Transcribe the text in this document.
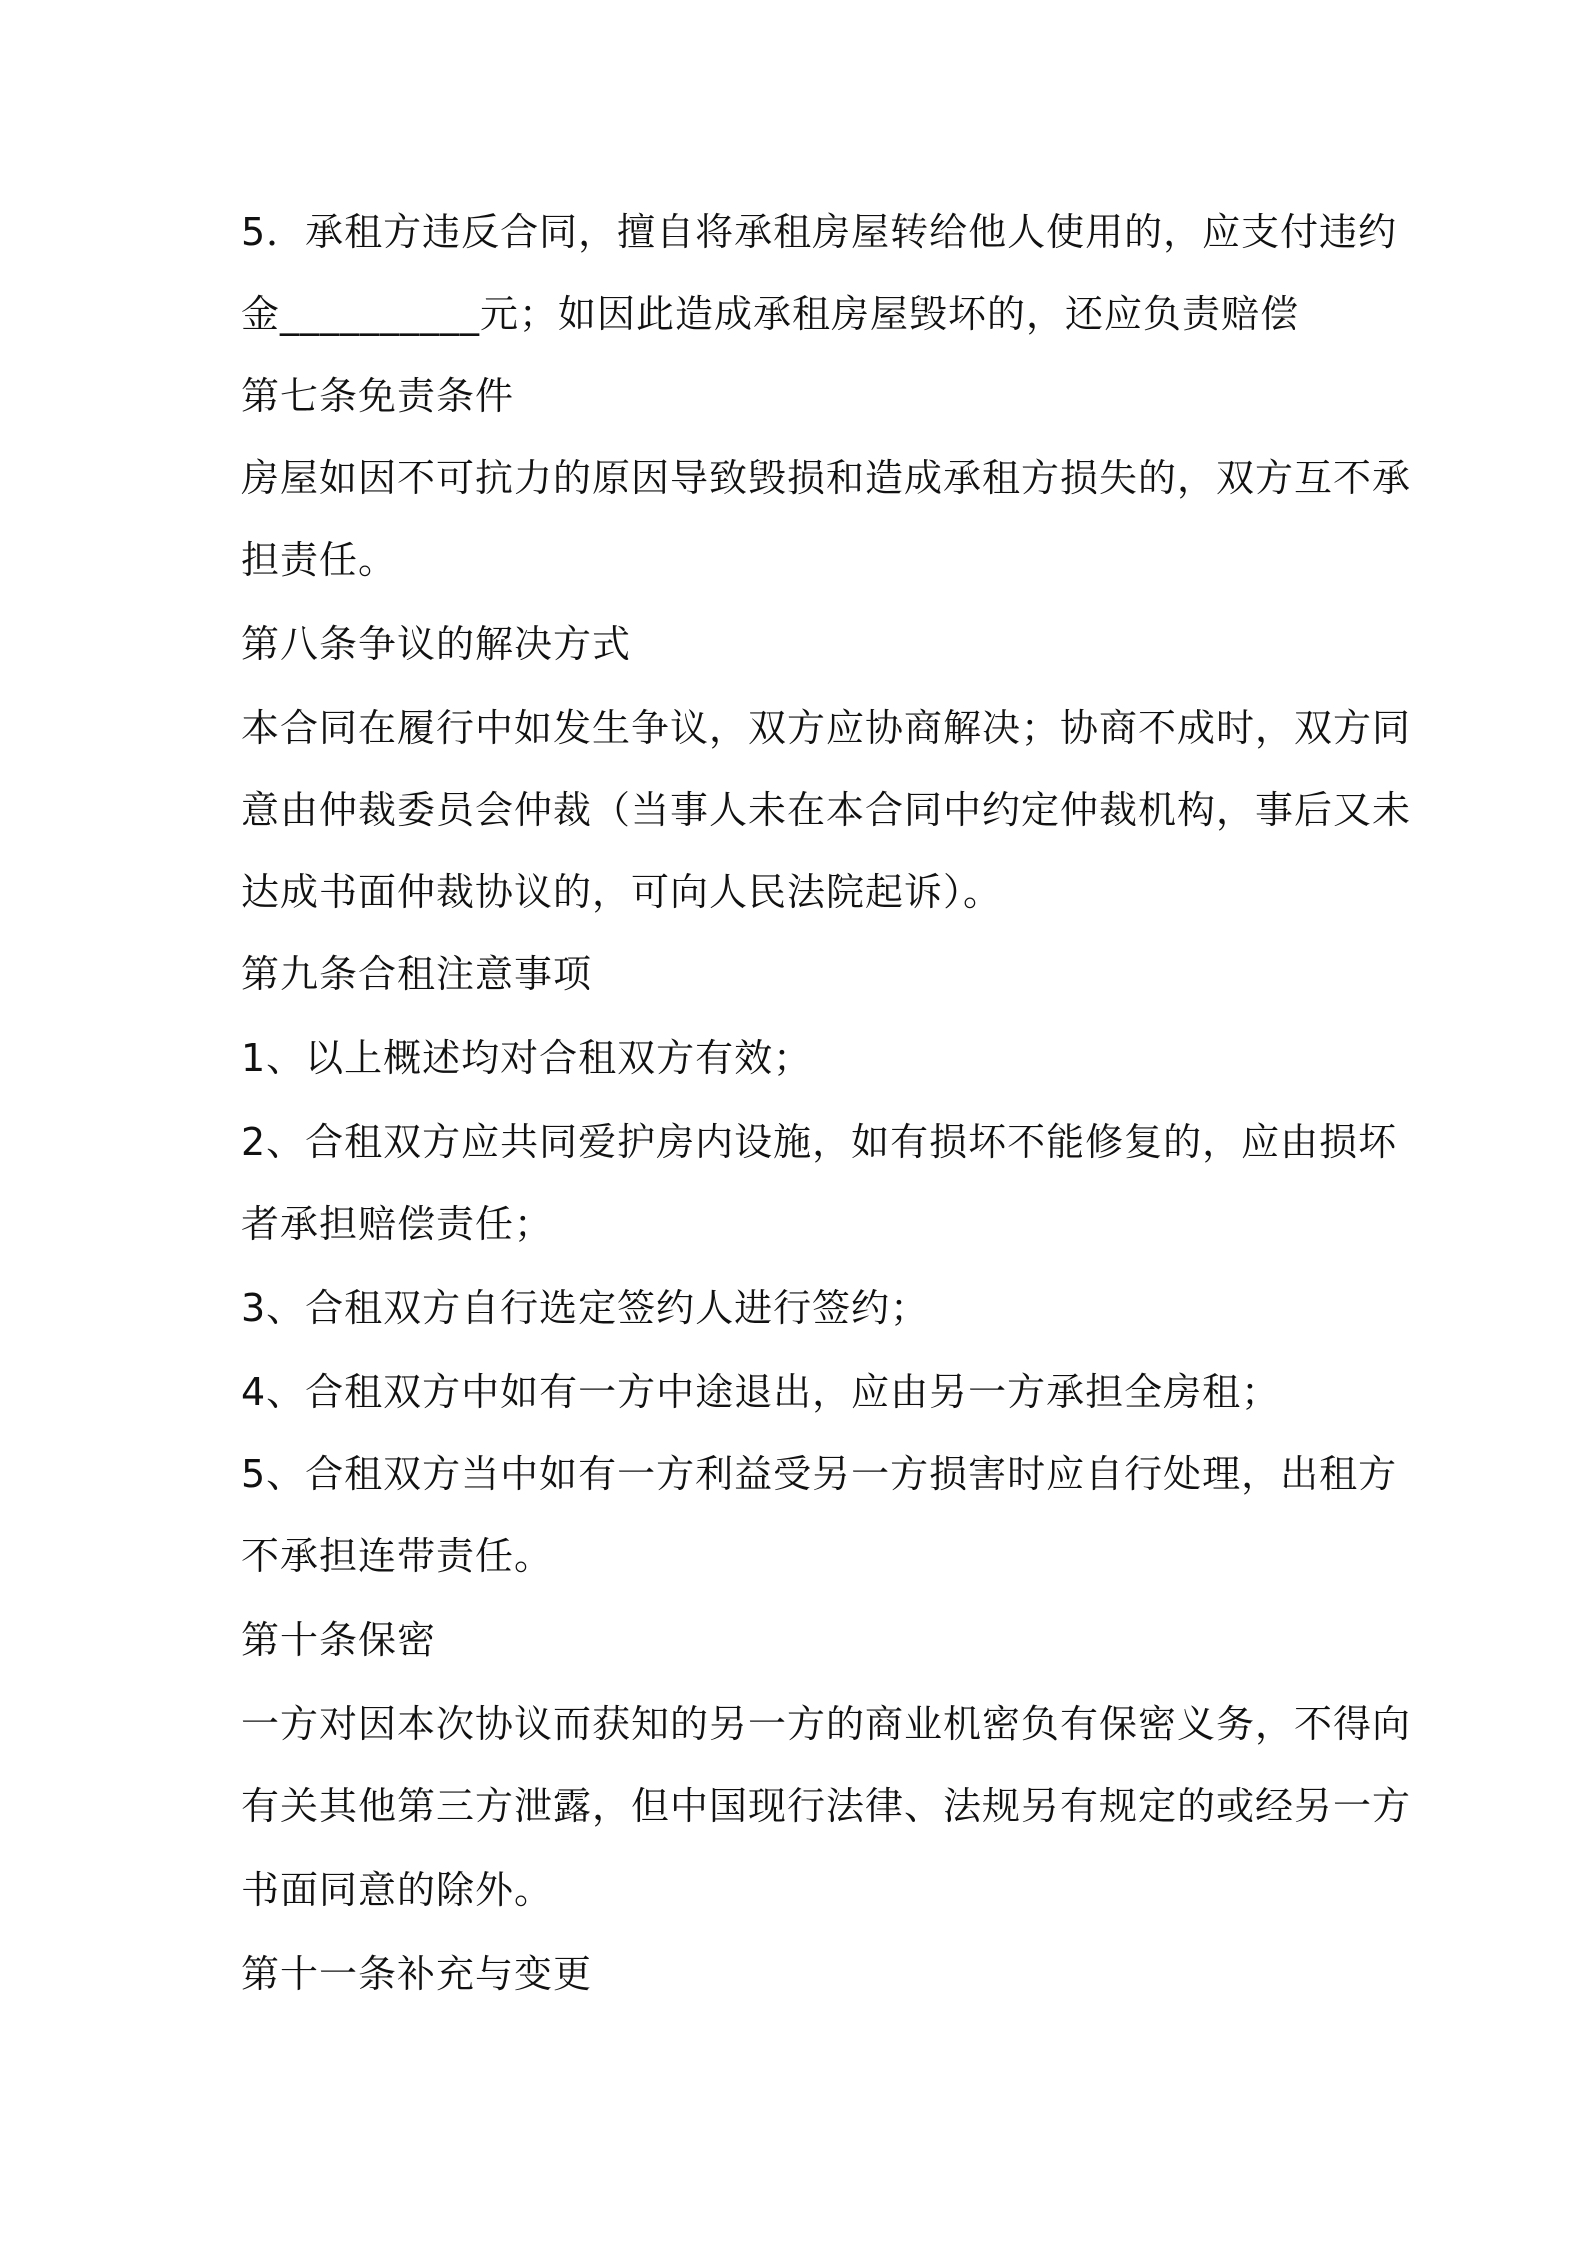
5．承租方违反合同，擅自将承租房屋转给他人使用的，应支付违约

金__________元；如因此造成承租房屋毁坏的，还应负责赔偿

第七条免责条件

房屋如因不可抗力的原因导致毁损和造成承租方损失的，双方互不承

担责任。

第八条争议的解决方式

本合同在履行中如发生争议，双方应协商解决；协商不成时，双方同

意由仲裁委员会仲裁（当事人未在本合同中约定仲裁机构，事后又未

达成书面仲裁协议的，可向人民法院起诉）。

第九条合租注意事项

1、以上概述均对合租双方有效；

2、合租双方应共同爱护房内设施，如有损坏不能修复的，应由损坏

者承担赔偿责任；

3、合租双方自行选定签约人进行签约；

4、合租双方中如有一方中途退出，应由另一方承担全房租；

5、合租双方当中如有一方利益受另一方损害时应自行处理，出租方

不承担连带责任。

第十条保密

一方对因本次协议而获知的另一方的商业机密负有保密义务，不得向

有关其他第三方泄露，但中国现行法律、法规另有规定的或经另一方

书面同意的除外。

第十一条补充与变更
